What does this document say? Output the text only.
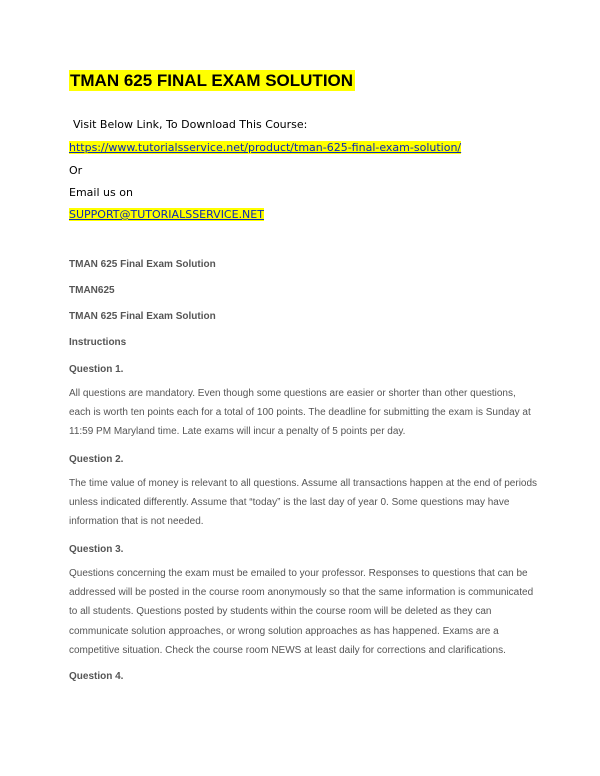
TMAN 625 FINAL EXAM SOLUTION
Visit Below Link, To Download This Course:
https://www.tutorialsservice.net/product/tman-625-final-exam-solution/
Or
Email us on
SUPPORT@TUTORIALSSERVICE.NET
TMAN 625 Final Exam Solution
TMAN625
TMAN 625 Final Exam Solution
Instructions
Question 1.
All questions are mandatory. Even though some questions are easier or shorter than other questions, each is worth ten points each for a total of 100 points. The deadline for submitting the exam is Sunday at 11:59 PM Maryland time. Late exams will incur a penalty of 5 points per day.
Question 2.
The time value of money is relevant to all questions. Assume all transactions happen at the end of periods unless indicated differently. Assume that “today” is the last day of year 0. Some questions may have information that is not needed.
Question 3.
Questions concerning the exam must be emailed to your professor. Responses to questions that can be addressed will be posted in the course room anonymously so that the same information is communicated to all students. Questions posted by students within the course room will be deleted as they can communicate solution approaches, or wrong solution approaches as has happened. Exams are a competitive situation. Check the course room NEWS at least daily for corrections and clarifications.
Question 4.
